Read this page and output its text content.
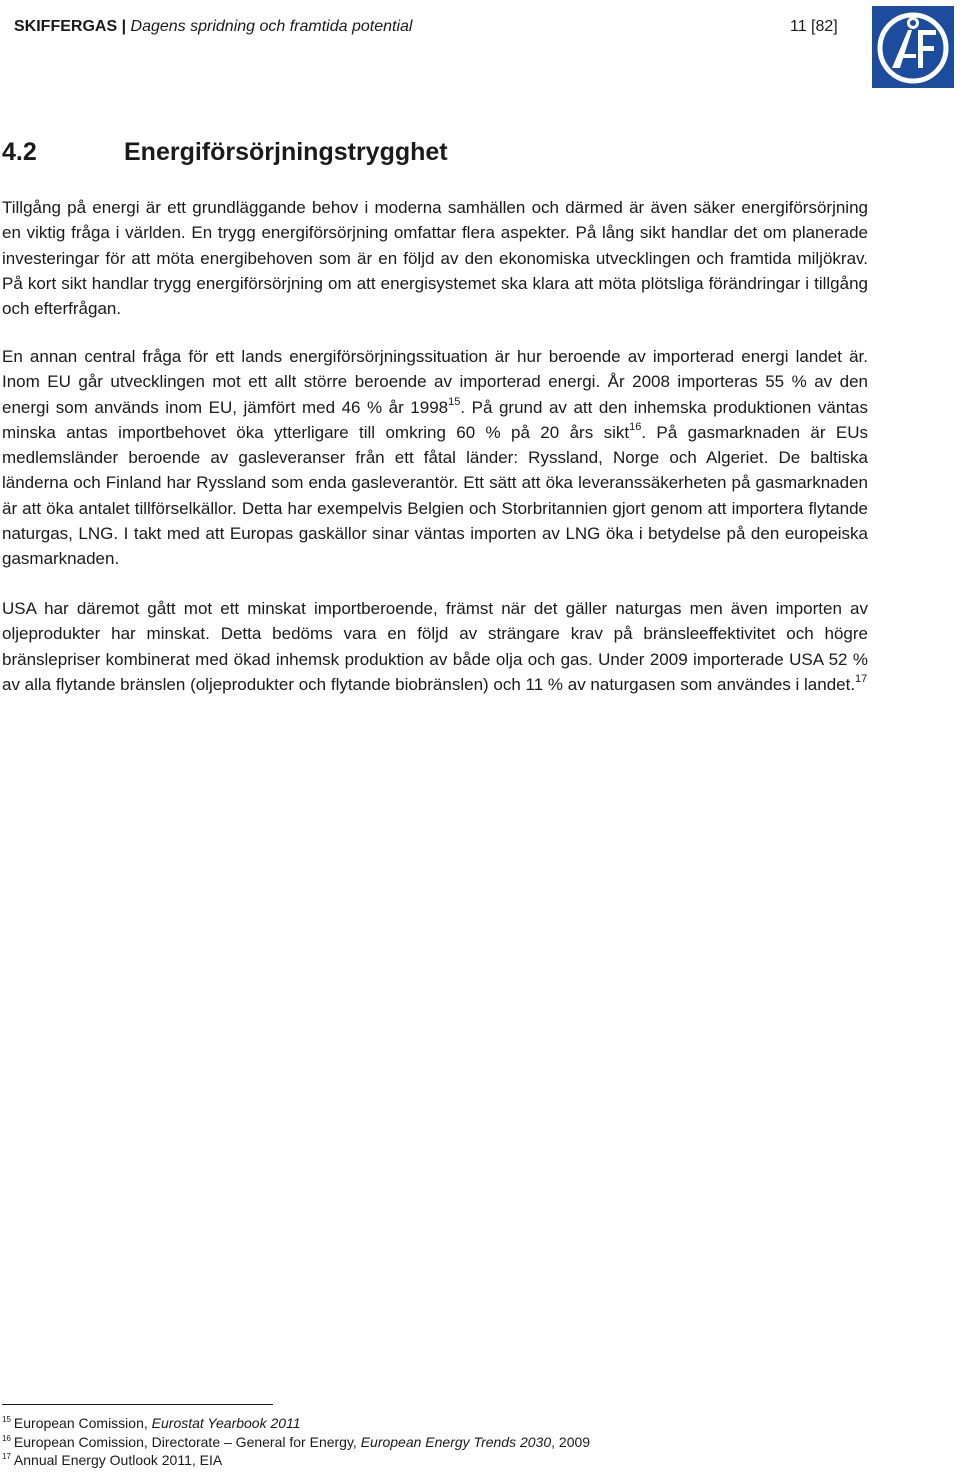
SKIFFERGAS | Dagens spridning och framtida potential	11 [82]
4.2	Energiförsörjningstrygghet

Tillgång på energi är ett grundläggande behov i moderna samhällen och därmed är även säker energiförsörjning en viktig fråga i världen. En trygg energiförsörjning omfattar flera aspekter. På lång sikt handlar det om planerade investeringar för att möta energibehoven som är en följd av den ekonomiska utvecklingen och framtida miljökrav. På kort sikt handlar trygg energiförsörjning om att energisystemet ska klara att möta plötsliga förändringar i tillgång och efterfrågan.

En annan central fråga för ett lands energiförsörjningssituation är hur beroende av importerad energi landet är. Inom EU går utvecklingen mot ett allt större beroende av importerad energi. År 2008 importeras 55 % av den energi som används inom EU, jämfört med 46 % år 1998$^{15}$. På grund av att den inhemska produktionen väntas minska antas importbehovet öka ytterligare till omkring 60 % på 20 års sikt$^{16}$. På gasmarknaden är EUs medlemsländer beroende av gasleveranser från ett fåtal länder: Ryssland, Norge och Algeriet. De baltiska länderna och Finland har Ryssland som enda gasleverantör. Ett sätt att öka leveranssäkerheten på gasmarknaden är att öka antalet tillförselkällor. Detta har exempelvis Belgien och Storbritannien gjort genom att importera flytande naturgas, LNG. I takt med att Europas gaskällor sinar väntas importen av LNG öka i betydelse på den europeiska gasmarknaden.

USA har däremot gått mot ett minskat importberoende, främst när det gäller naturgas men även importen av oljeprodukter har minskat. Detta bedöms vara en följd av strängare krav på bränsleeffektivitet och högre bränslepriser kombinerat med ökad inhemsk produktion av både olja och gas. Under 2009 importerade USA 52 % av alla flytande bränslen (oljeprodukter och flytande biobränslen) och 11 % av naturgasen som användes i landet.$^{17}$

$^{15}$ European Comission, Eurostat Yearbook 2011
$^{16}$ European Comission, Directorate – General for Energy, European Energy Trends 2030, 2009
$^{17}$ Annual Energy Outlook 2011, EIA
